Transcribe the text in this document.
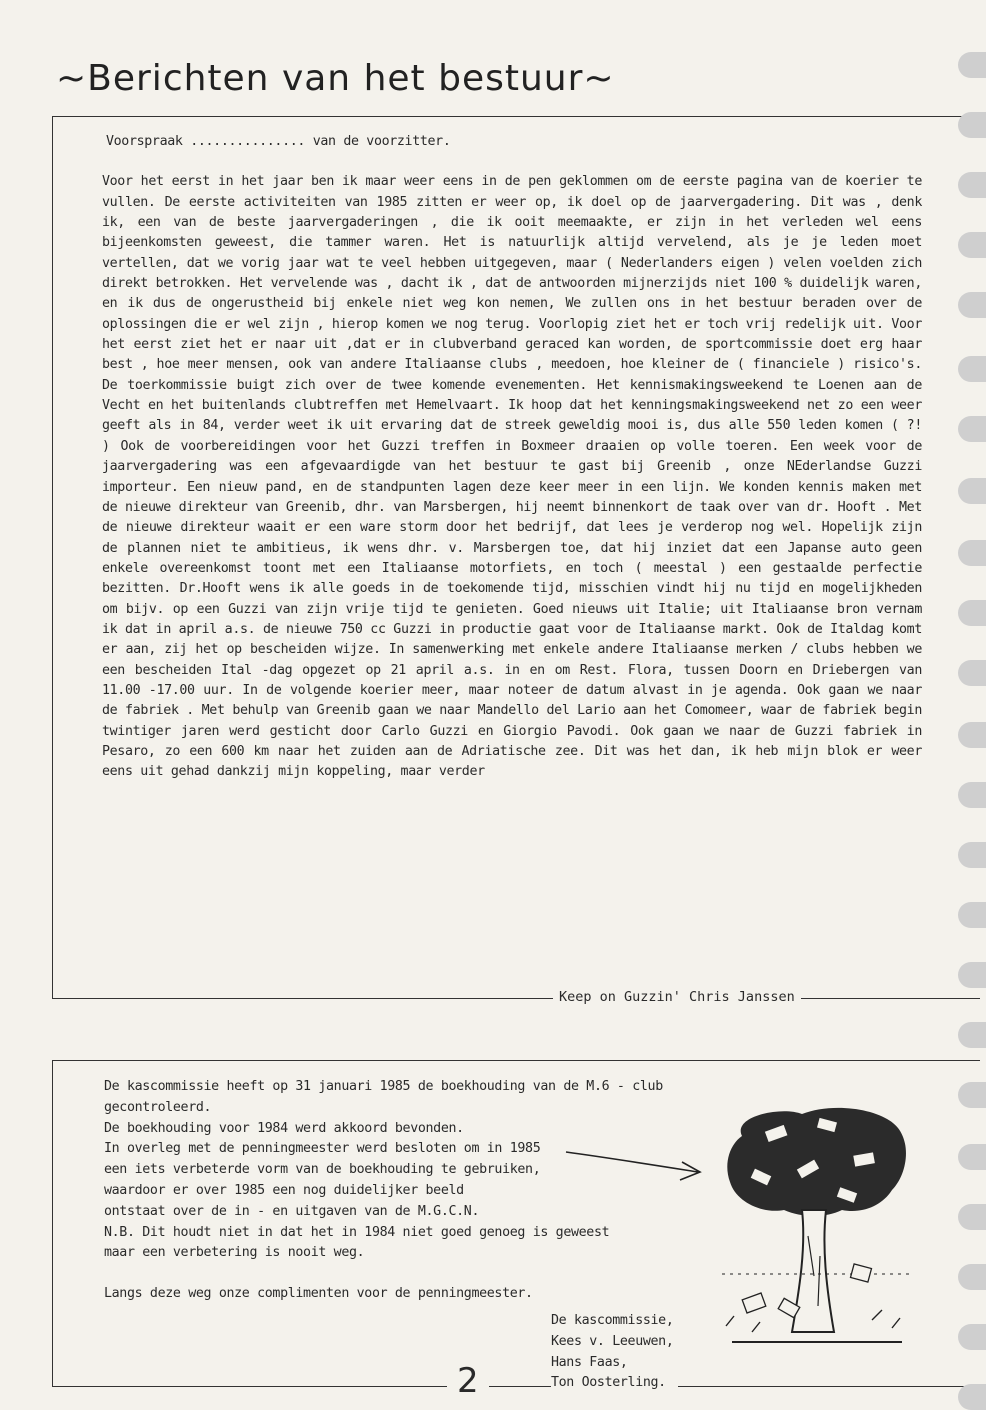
~Berichten van het bestuur~

Voorspraak ............... van de voorzitter.

Voor het eerst in het jaar ben ik maar weer eens in de pen geklommen om de eerste pagina van de koerier te vullen. De eerste activiteiten van 1985 zitten er weer op, ik doel op de jaarvergadering. Dit was , denk ik, een van de beste jaarvergaderingen , die ik ooit meemaakte, er zijn in het verleden wel eens bijeenkomsten geweest, die tammer waren. Het is natuurlijk altijd vervelend, als je je leden moet vertellen, dat we vorig jaar wat te veel hebben uitgegeven, maar ( Nederlanders eigen ) velen voelden zich direkt betrokken. Het vervelende was , dacht ik , dat de antwoorden mijnerzijds niet 100 % duidelijk waren, en ik dus de ongerustheid bij enkele niet weg kon nemen, We zullen ons in het bestuur beraden over de oplossingen die er wel zijn , hierop komen we nog terug. Voorlopig ziet het er toch vrij redelijk uit. Voor het eerst ziet het er naar uit ,dat er in clubverband geraced kan worden, de sportcommissie doet erg haar best , hoe meer mensen, ook van andere Italiaanse clubs , meedoen, hoe kleiner de ( financiele ) risico's. De toerkommissie buigt zich over de twee komende evenementen. Het kennismakingsweekend te Loenen aan de Vecht en het buitenlands clubtreffen met Hemelvaart. Ik hoop dat het kenningsmakingsweekend net zo een weer geeft als in 84, verder weet ik uit ervaring dat de streek geweldig mooi is, dus alle 550 leden komen ( ?! ) Ook de voorbereidingen voor het Guzzi treffen in Boxmeer draaien op volle toeren. Een week voor de jaarvergadering was een afgevaardigde van het bestuur te gast bij Greenib , onze NEderlandse Guzzi importeur. Een nieuw pand, en de standpunten lagen deze keer meer in een lijn. We konden kennis maken met de nieuwe direkteur van Greenib, dhr. van Marsbergen, hij neemt binnenkort de taak over van dr. Hooft . Met de nieuwe direkteur waait er een ware storm door het bedrijf, dat lees je verderop nog wel. Hopelijk zijn de plannen niet te ambitieus, ik wens dhr. v. Marsbergen toe, dat hij inziet dat een Japanse auto geen enkele overeenkomst toont met een Italiaanse motorfiets, en toch ( meestal ) een gestaalde perfectie bezitten. Dr.Hooft wens ik alle goeds in de toekomende tijd, misschien vindt hij nu tijd en mogelijkheden om bijv. op een Guzzi van zijn vrije tijd te genieten. Goed nieuws uit Italie; uit Italiaanse bron vernam ik dat in april a.s. de nieuwe 750 cc Guzzi in productie gaat voor de Italiaanse markt. Ook de Italdag komt er aan, zij het op bescheiden wijze. In samenwerking met enkele andere Italiaanse merken / clubs hebben we een bescheiden Ital -dag opgezet op 21 april a.s. in en om Rest. Flora, tussen Doorn en Driebergen van 11.00 -17.00 uur. In de volgende koerier meer, maar noteer de datum alvast in je agenda. Ook gaan we naar de fabriek . Met behulp van Greenib gaan we naar Mandello del Lario aan het Comomeer, waar de fabriek begin twintiger jaren werd gesticht door Carlo Guzzi en Giorgio Pavodi. Ook gaan we naar de Guzzi fabriek in Pesaro, zo een 600 km naar het zuiden aan de Adriatische zee. Dit was het dan, ik heb mijn blok er weer eens uit gehad dankzij mijn koppeling, maar verder

Keep on Guzzin' Chris Janssen

De kascommissie heeft op 31 januari 1985 de boekhouding van de M.6 - club gecontroleerd.
De boekhouding voor 1984 werd akkoord bevonden.
In overleg met de penningmeester werd besloten om in 1985
een iets verbeterde vorm van de boekhouding te gebruiken,
waardoor er over 1985 een nog duidelijker beeld
ontstaat over de in - en uitgaven van de M.G.C.N.
N.B. Dit houdt niet in dat het in 1984 niet goed genoeg is geweest
maar een verbetering is nooit weg.

Langs deze weg onze complimenten voor de penningmeester.

De kascommissie,
Kees v. Leeuwen,
Hans Faas,
Ton Oosterling.
2
